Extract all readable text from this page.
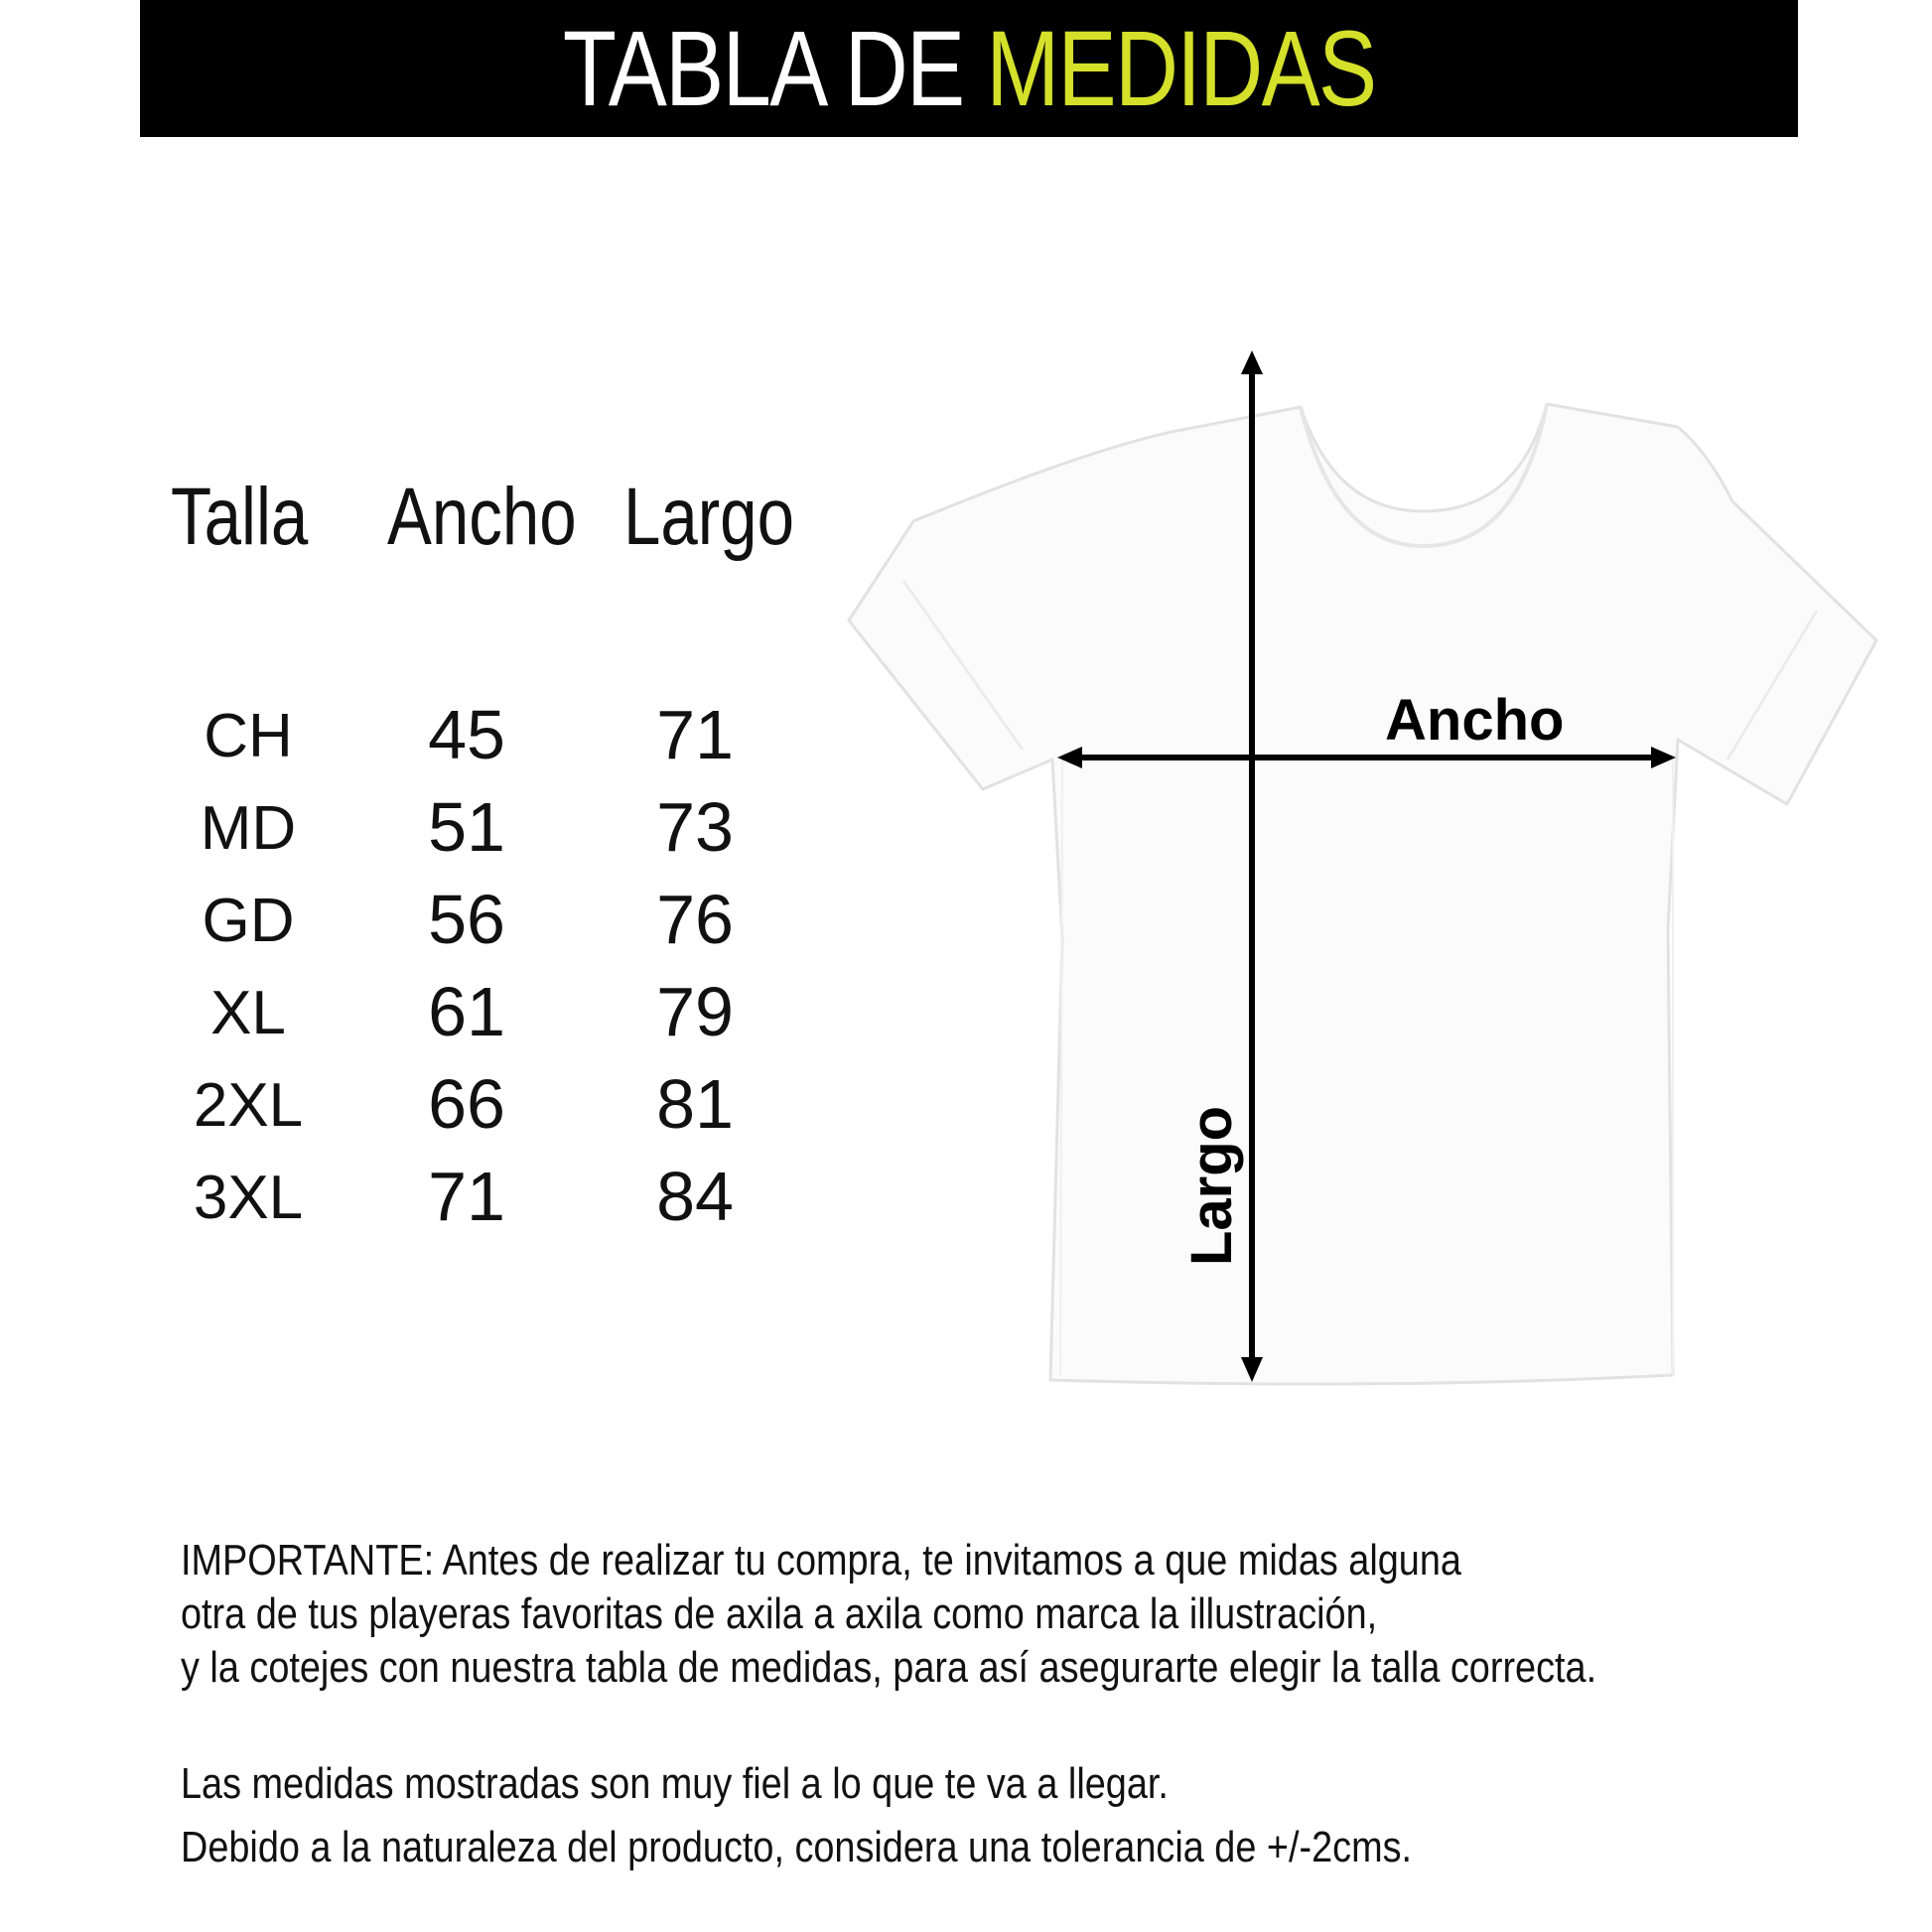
TABLA DE MEDIDAS
Talla Ancho Largo
CH 45 71
MD 51 73
GD 56 76
XL 61 79
2XL 66 81
3XL 71 84
Ancho
Largo
IMPORTANTE: Antes de realizar tu compra, te invitamos a que midas alguna
otra de tus playeras favoritas de axila a axila como marca la illustración,
y la cotejes con nuestra tabla de medidas, para así asegurarte elegir la talla correcta.
Las medidas mostradas son muy fiel a lo que te va a llegar.
Debido a la naturaleza del producto, considera una tolerancia de +/-2cms.
